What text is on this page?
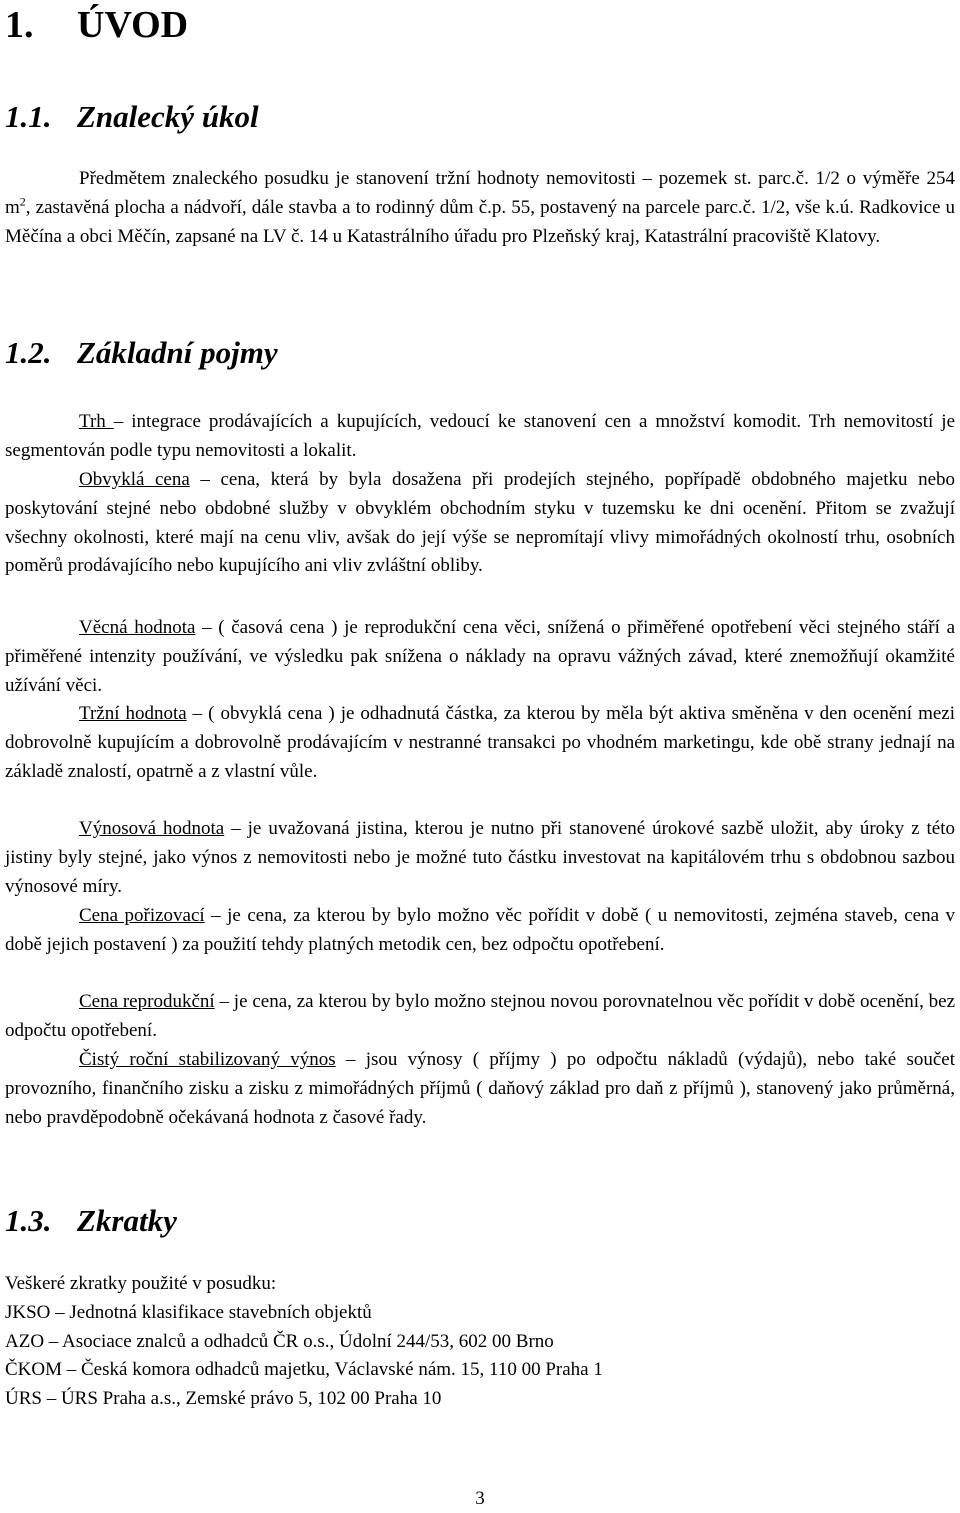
1. ÚVOD
1.1. Znalecký úkol

Předmětem znaleckého posudku je stanovení tržní hodnoty nemovitosti – pozemek st. parc.č. 1/2 o výměře 254 $m^2$, zastavěná plocha a nádvoří, dále stavba a to rodinný dům č.p. 55, postavený na parcele parc.č. 1/2, vše k.ú. Radkovice u Měčína a obci Měčín, zapsané na LV č. 14 u Katastrálního úřadu pro Plzeňský kraj, Katastrální pracoviště Klatovy.

1.2. Základní pojmy

Trh – integrace prodávajících a kupujících, vedoucí ke stanovení cen a množství komodit. Trh nemovitostí je segmentován podle typu nemovitosti a lokalit.

Obvyklá cena – cena, která by byla dosažena při prodejích stejného, popřípadě obdobného majetku nebo poskytování stejné nebo obdobné služby v obvyklém obchodním styku v tuzemsku ke dni ocenění. Přitom se zvažují všechny okolnosti, které mají na cenu vliv, avšak do její výše se nepromítají vlivy mimořádných okolností trhu, osobních poměrů prodávajícího nebo kupujícího ani vliv zvláštní obliby.

Věcná hodnota – ( časová cena ) je reprodukční cena věci, snížená o přiměřené opotřebení věci stejného stáří a přiměřené intenzity používání, ve výsledku pak snížena o náklady na opravu vážných závad, které znemožňují okamžité užívání věci.

Tržní hodnota – ( obvyklá cena ) je odhadnutá částka, za kterou by měla být aktiva směněna v den ocenění mezi dobrovolně kupujícím a dobrovolně prodávajícím v nestranné transakci po vhodném marketingu, kde obě strany jednají na základě znalostí, opatrně a z vlastní vůle.

Výnosová hodnota – je uvažovaná jistina, kterou je nutno při stanovené úrokové sazbě uložit, aby úroky z této jistiny byly stejné, jako výnos z nemovitosti nebo je možné tuto částku investovat na kapitálovém trhu s obdobnou sazbou výnosové míry.

Cena pořizovací – je cena, za kterou by bylo možno věc pořídit v době ( u nemovitosti, zejména staveb, cena v době jejich postavení ) za použití tehdy platných metodik cen, bez odpočtu opotřebení.

Cena reprodukční – je cena, za kterou by bylo možno stejnou novou porovnatelnou věc pořídit v době ocenění, bez odpočtu opotřebení.

Čistý roční stabilizovaný výnos – jsou výnosy ( příjmy ) po odpočtu nákladů (výdajů), nebo také součet provozního, finančního zisku a zisku z mimořádných příjmů ( daňový základ pro daň z příjmů ), stanovený jako průměrná, nebo pravděpodobně očekávaná hodnota z časové řady.

1.3. Zkratky
Veškeré zkratky použité v posudku:
JKSO – Jednotná klasifikace stavebních objektů
AZO – Asociace znalců a odhadců ČR o.s., Údolní 244/53, 602 00 Brno
ČKOM – Česká komora odhadců majetku, Václavské nám. 15, 110 00 Praha 1
ÚRS – ÚRS Praha a.s., Zemské právo 5, 102 00 Praha 10
3
